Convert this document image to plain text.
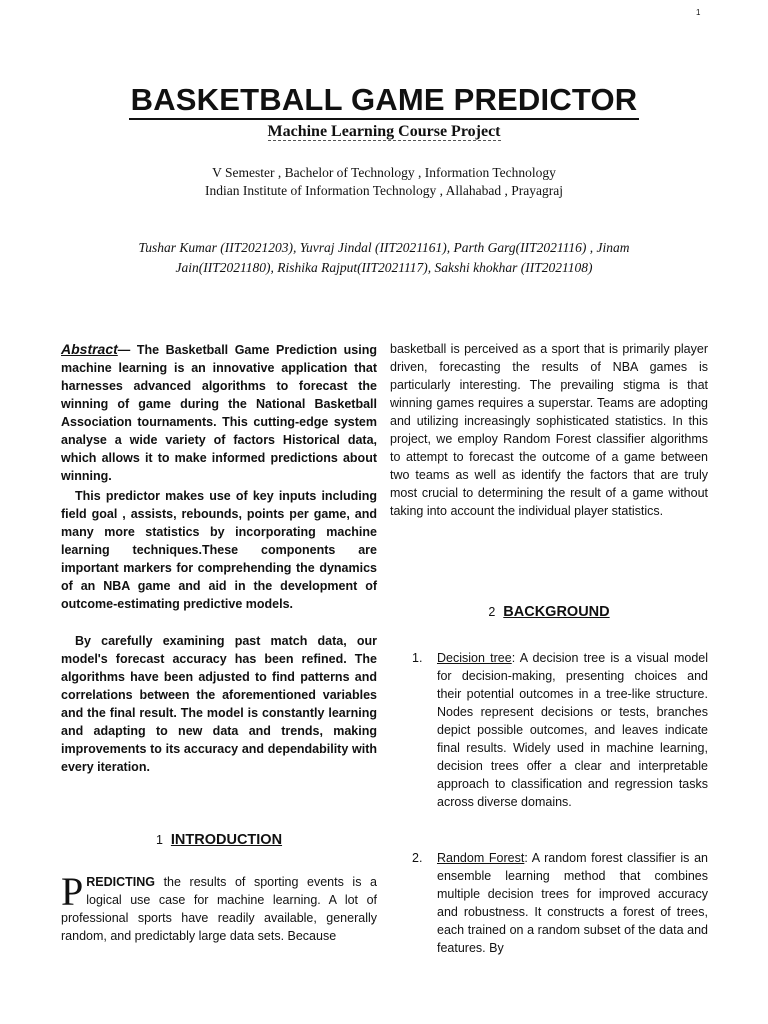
1
BASKETBALL GAME PREDICTOR
Machine Learning Course Project
V Semester , Bachelor of Technology , Information Technology
Indian Institute of Information Technology , Allahabad , Prayagraj
Tushar Kumar (IIT2021203), Yuvraj Jindal (IIT2021161), Parth Garg(IIT2021116) , Jinam Jain(IIT2021180), Rishika Rajput(IIT2021117), Sakshi khokhar (IIT2021108)
Abstract— The Basketball Game Prediction using machine learning is an innovative application that harnesses advanced algorithms to forecast the winning of game during the National Basketball Association tournaments. This cutting-edge system analyse a wide variety of factors Historical data, which allows it to make informed predictions about winning.
This predictor makes use of key inputs including field goal , assists, rebounds, points per game, and many more statistics by incorporating machine learning techniques.These components are important markers for comprehending the dynamics of an NBA game and aid in the development of outcome-estimating predictive models.
By carefully examining past match data, our model's forecast accuracy has been refined. The algorithms have been adjusted to find patterns and correlations between the aforementioned variables and the final result. The model is constantly learning and adapting to new data and trends, making improvements to its accuracy and dependability with every iteration.
1 INTRODUCTION
PREDICTING the results of sporting events is a logical use case for machine learning. A lot of professional sports have readily available, generally random, and predictably large data sets. Because
basketball is perceived as a sport that is primarily player driven, forecasting the results of NBA games is particularly interesting. The prevailing stigma is that winning games requires a superstar. Teams are adopting and utilizing increasingly sophisticated statistics. In this project, we employ Random Forest classifier algorithms to attempt to forecast the outcome of a game between two teams as well as identify the factors that are truly most crucial to determining the result of a game without taking into account the individual player statistics.
2 BACKGROUND
1. Decision tree: A decision tree is a visual model for decision-making, presenting choices and their potential outcomes in a tree-like structure. Nodes represent decisions or tests, branches depict possible outcomes, and leaves indicate final results. Widely used in machine learning, decision trees offer a clear and interpretable approach to classification and regression tasks across diverse domains.
2. Random Forest: A random forest classifier is an ensemble learning method that combines multiple decision trees for improved accuracy and robustness. It constructs a forest of trees, each trained on a random subset of the data and features. By
